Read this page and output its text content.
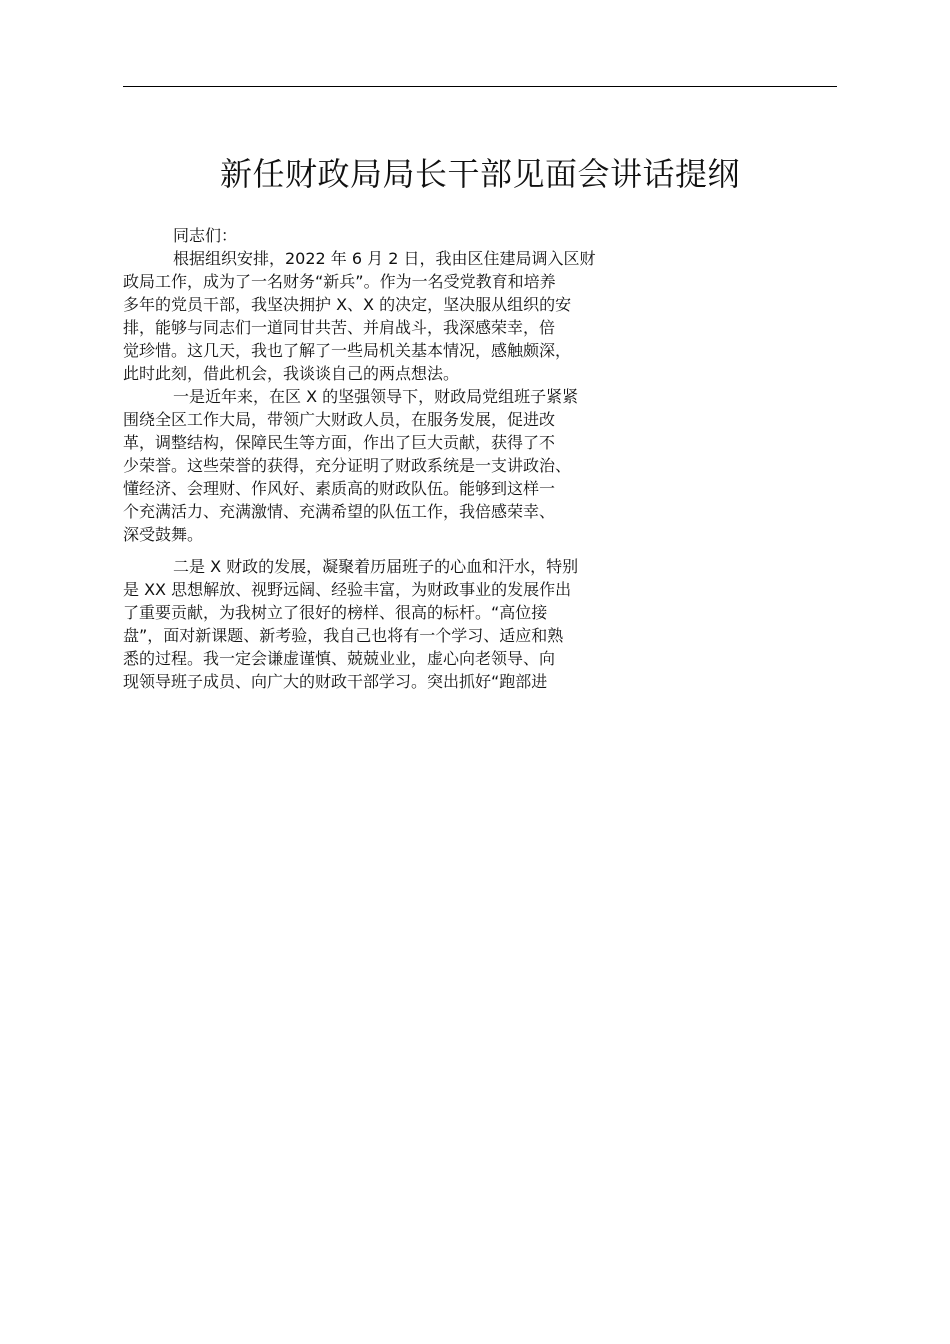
新任财政局局长干部见面会讲话提纲
同志们：
根据组织安排，2022 年 6 月 2 日，我由区住建局调入区财
政局工作，成为了一名财务“新兵”。作为一名受党教育和培养
多年的党员干部，我坚决拥护 X、X 的决定，坚决服从组织的安
排，能够与同志们一道同甘共苦、并肩战斗，我深感荣幸，倍
觉珍惜。这几天，我也了解了一些局机关基本情况，感触颇深，
此时此刻，借此机会，我谈谈自己的两点想法。
一是近年来，在区 X 的坚强领导下，财政局党组班子紧紧
围绕全区工作大局，带领广大财政人员，在服务发展，促进改
革，调整结构，保障民生等方面，作出了巨大贡献，获得了不
少荣誉。这些荣誉的获得，充分证明了财政系统是一支讲政治、
懂经济、会理财、作风好、素质高的财政队伍。能够到这样一
个充满活力、充满激情、充满希望的队伍工作，我倍感荣幸、
深受鼓舞。
二是 X 财政的发展，凝聚着历届班子的心血和汗水，特别
是 XX 思想解放、视野远阔、经验丰富，为财政事业的发展作出
了重要贡献，为我树立了很好的榜样、很高的标杆。“高位接
盘”，面对新课题、新考验，我自己也将有一个学习、适应和熟
悉的过程。我一定会谦虚谨慎、兢兢业业，虚心向老领导、向
现领导班子成员、向广大的财政干部学习。突出抓好“跑部进
